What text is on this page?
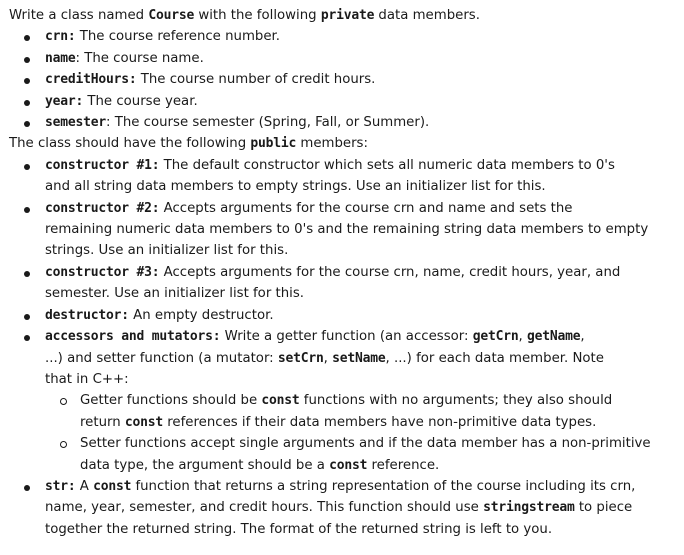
Write a class named Course with the following private data members.
crn: The course reference number.
name: The course name.
creditHours: The course number of credit hours.
year: The course year.
semester: The course semester (Spring, Fall, or Summer).
The class should have the following public members:
constructor #1: The default constructor which sets all numeric data members to 0's
and all string data members to empty strings. Use an initializer list for this.
constructor #2: Accepts arguments for the course crn and name and sets the
remaining numeric data members to 0's and the remaining string data members to empty
strings. Use an initializer list for this.
constructor #3: Accepts arguments for the course crn, name, credit hours, year, and
semester. Use an initializer list for this.
destructor: An empty destructor.
accessors and mutators: Write a getter function (an accessor: getCrn, getName,
...) and setter function (a mutator: setCrn, setName, ...) for each data member. Note
that in C++:
Getter functions should be const functions with no arguments; they also should
return const references if their data members have non-primitive data types.
Setter functions accept single arguments and if the data member has a non-primitive
data type, the argument should be a const reference.
str: A const function that returns a string representation of the course including its crn,
name, year, semester, and credit hours. This function should use stringstream to piece
together the returned string. The format of the returned string is left to you.
